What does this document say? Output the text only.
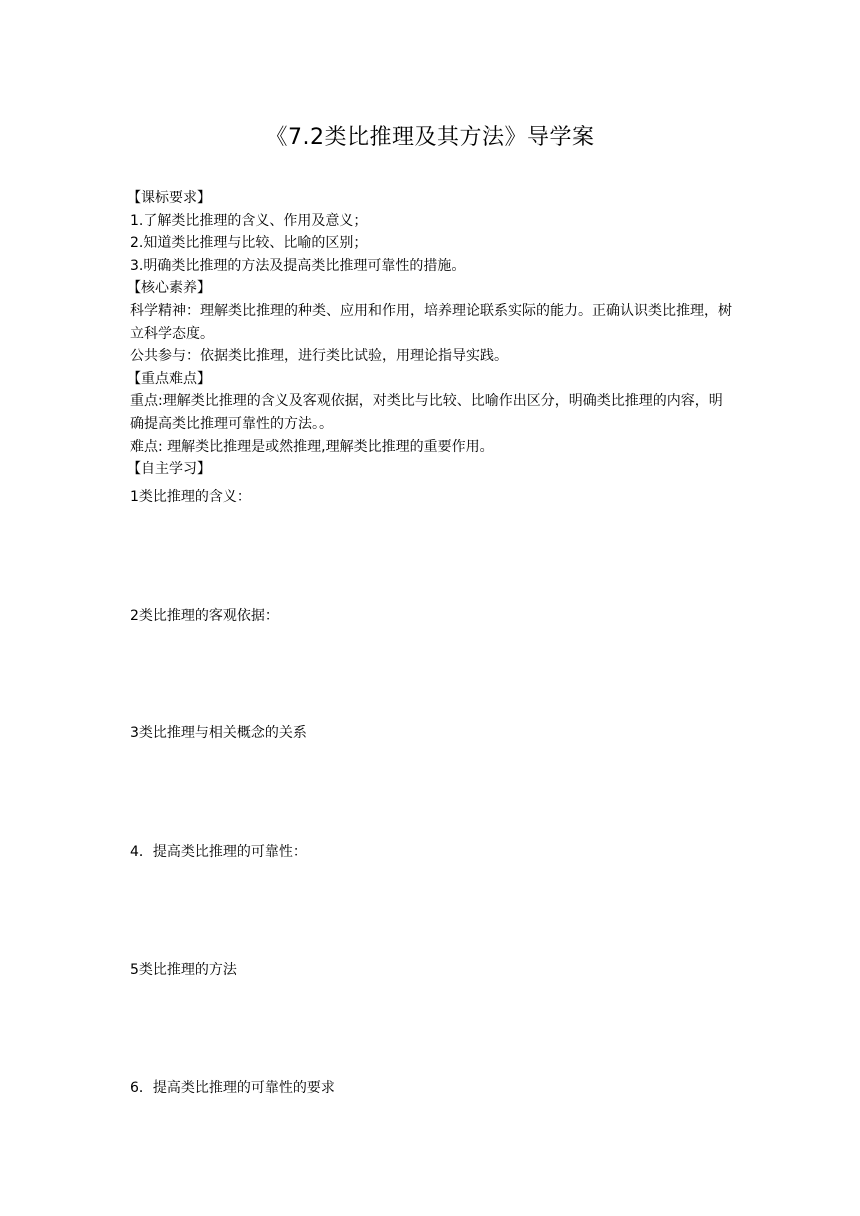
《7.2类比推理及其方法》导学案
【课标要求】
1.了解类比推理的含义、作用及意义；
2.知道类比推理与比较、比喻的区别；
3.明确类比推理的方法及提高类比推理可靠性的措施。
【核心素养】
科学精神：理解类比推理的种类、应用和作用，培养理论联系实际的能力。正确认识类比推理，树立科学态度。
公共参与：依据类比推理，进行类比试验，用理论指导实践。
【重点难点】
重点:理解类比推理的含义及客观依据，对类比与比较、比喻作出区分，明确类比推理的内容，明确提高类比推理可靠性的方法。。
难点: 理解类比推理是或然推理,理解类比推理的重要作用。
【自主学习】
1类比推理的含义：
2类比推理的客观依据：
3类比推理与相关概念的关系
4．提高类比推理的可靠性：
5类比推理的方法
6．提高类比推理的可靠性的要求
